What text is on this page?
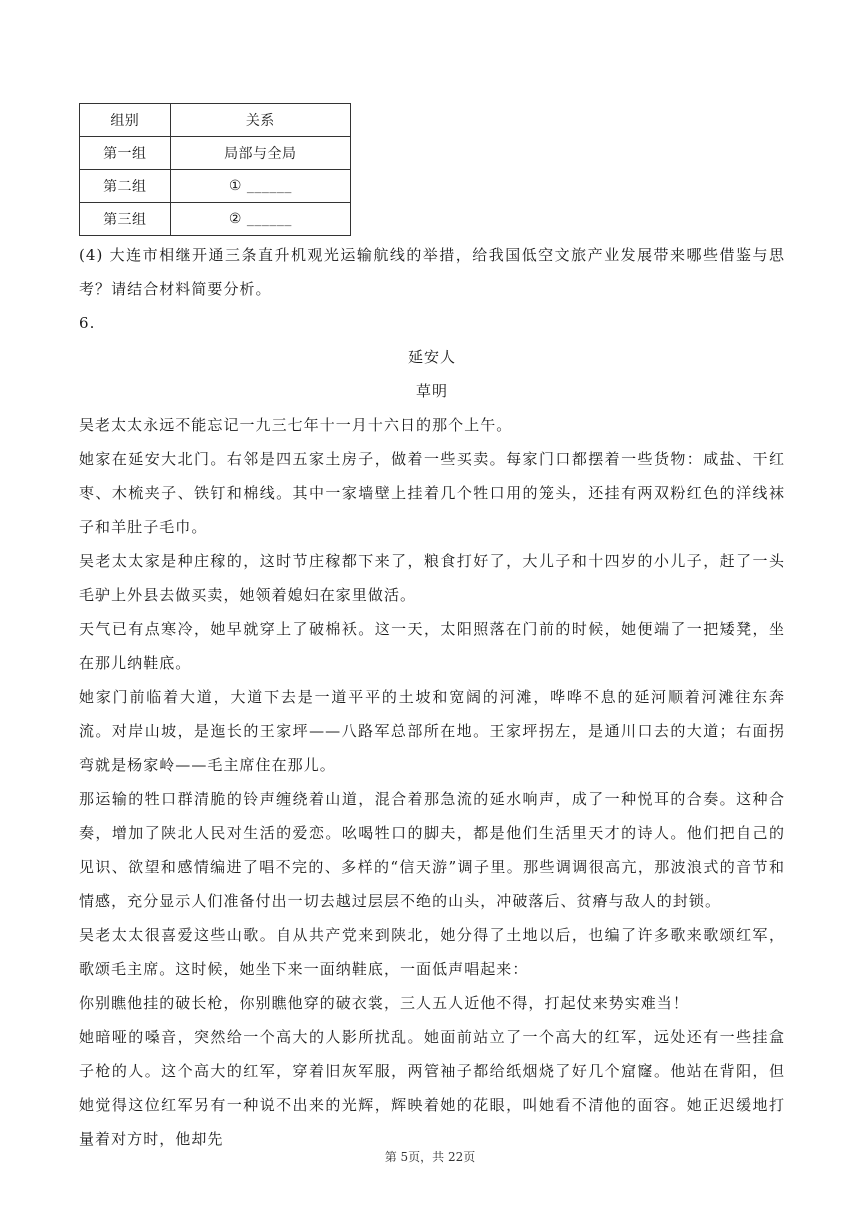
组别	关系
第一组	局部与全局
第二组	① ______
第三组	② ______
(4) 大连市相继开通三条直升机观光运输航线的举措，给我国低空文旅产业发展带来哪些借鉴与思考？请结合材料简要分析。
6.
延安人
草明

吴老太太永远不能忘记一九三七年十一月十六日的那个上午。

她家在延安大北门。右邻是四五家土房子，做着一些买卖。每家门口都摆着一些货物：咸盐、干红枣、木梳夹子、铁钉和棉线。其中一家墙壁上挂着几个牲口用的笼头，还挂有两双粉红色的洋线袜子和羊肚子毛巾。

吴老太太家是种庄稼的，这时节庄稼都下来了，粮食打好了，大儿子和十四岁的小儿子，赶了一头毛驴上外县去做买卖，她领着媳妇在家里做活。

天气已有点寒冷，她早就穿上了破棉袄。这一天，太阳照落在门前的时候，她便端了一把矮凳，坐在那儿纳鞋底。

她家门前临着大道，大道下去是一道平平的土坡和宽阔的河滩，哗哗不息的延河顺着河滩往东奔流。对岸山坡，是迤长的王家坪——八路军总部所在地。王家坪拐左，是通川口去的大道；右面拐弯就是杨家岭——毛主席住在那儿。

那运输的牲口群清脆的铃声缠绕着山道，混合着那急流的延水响声，成了一种悦耳的合奏。这种合奏，增加了陕北人民对生活的爱恋。吆喝牲口的脚夫，都是他们生活里天才的诗人。他们把自己的见识、欲望和感情编进了唱不完的、多样的“信天游”调子里。那些调调很高亢，那波浪式的音节和情感，充分显示人们准备付出一切去越过层层不绝的山头，冲破落后、贫瘠与敌人的封锁。

吴老太太很喜爱这些山歌。自从共产党来到陕北，她分得了土地以后，也编了许多歌来歌颂红军，歌颂毛主席。这时候，她坐下来一面纳鞋底，一面低声唱起来：

你别瞧他挂的破长枪，你别瞧他穿的破衣裳，三人五人近他不得，打起仗来势实难当！

她暗哑的嗓音，突然给一个高大的人影所扰乱。她面前站立了一个高大的红军，远处还有一些挂盒子枪的人。这个高大的红军，穿着旧灰军服，两管袖子都给纸烟烧了好几个窟窿。他站在背阳，但她觉得这位红军另有一种说不出来的光辉，辉映着她的花眼，叫她看不清他的面容。她正迟缓地打量着对方时，他却先

第 5页，共 22页
